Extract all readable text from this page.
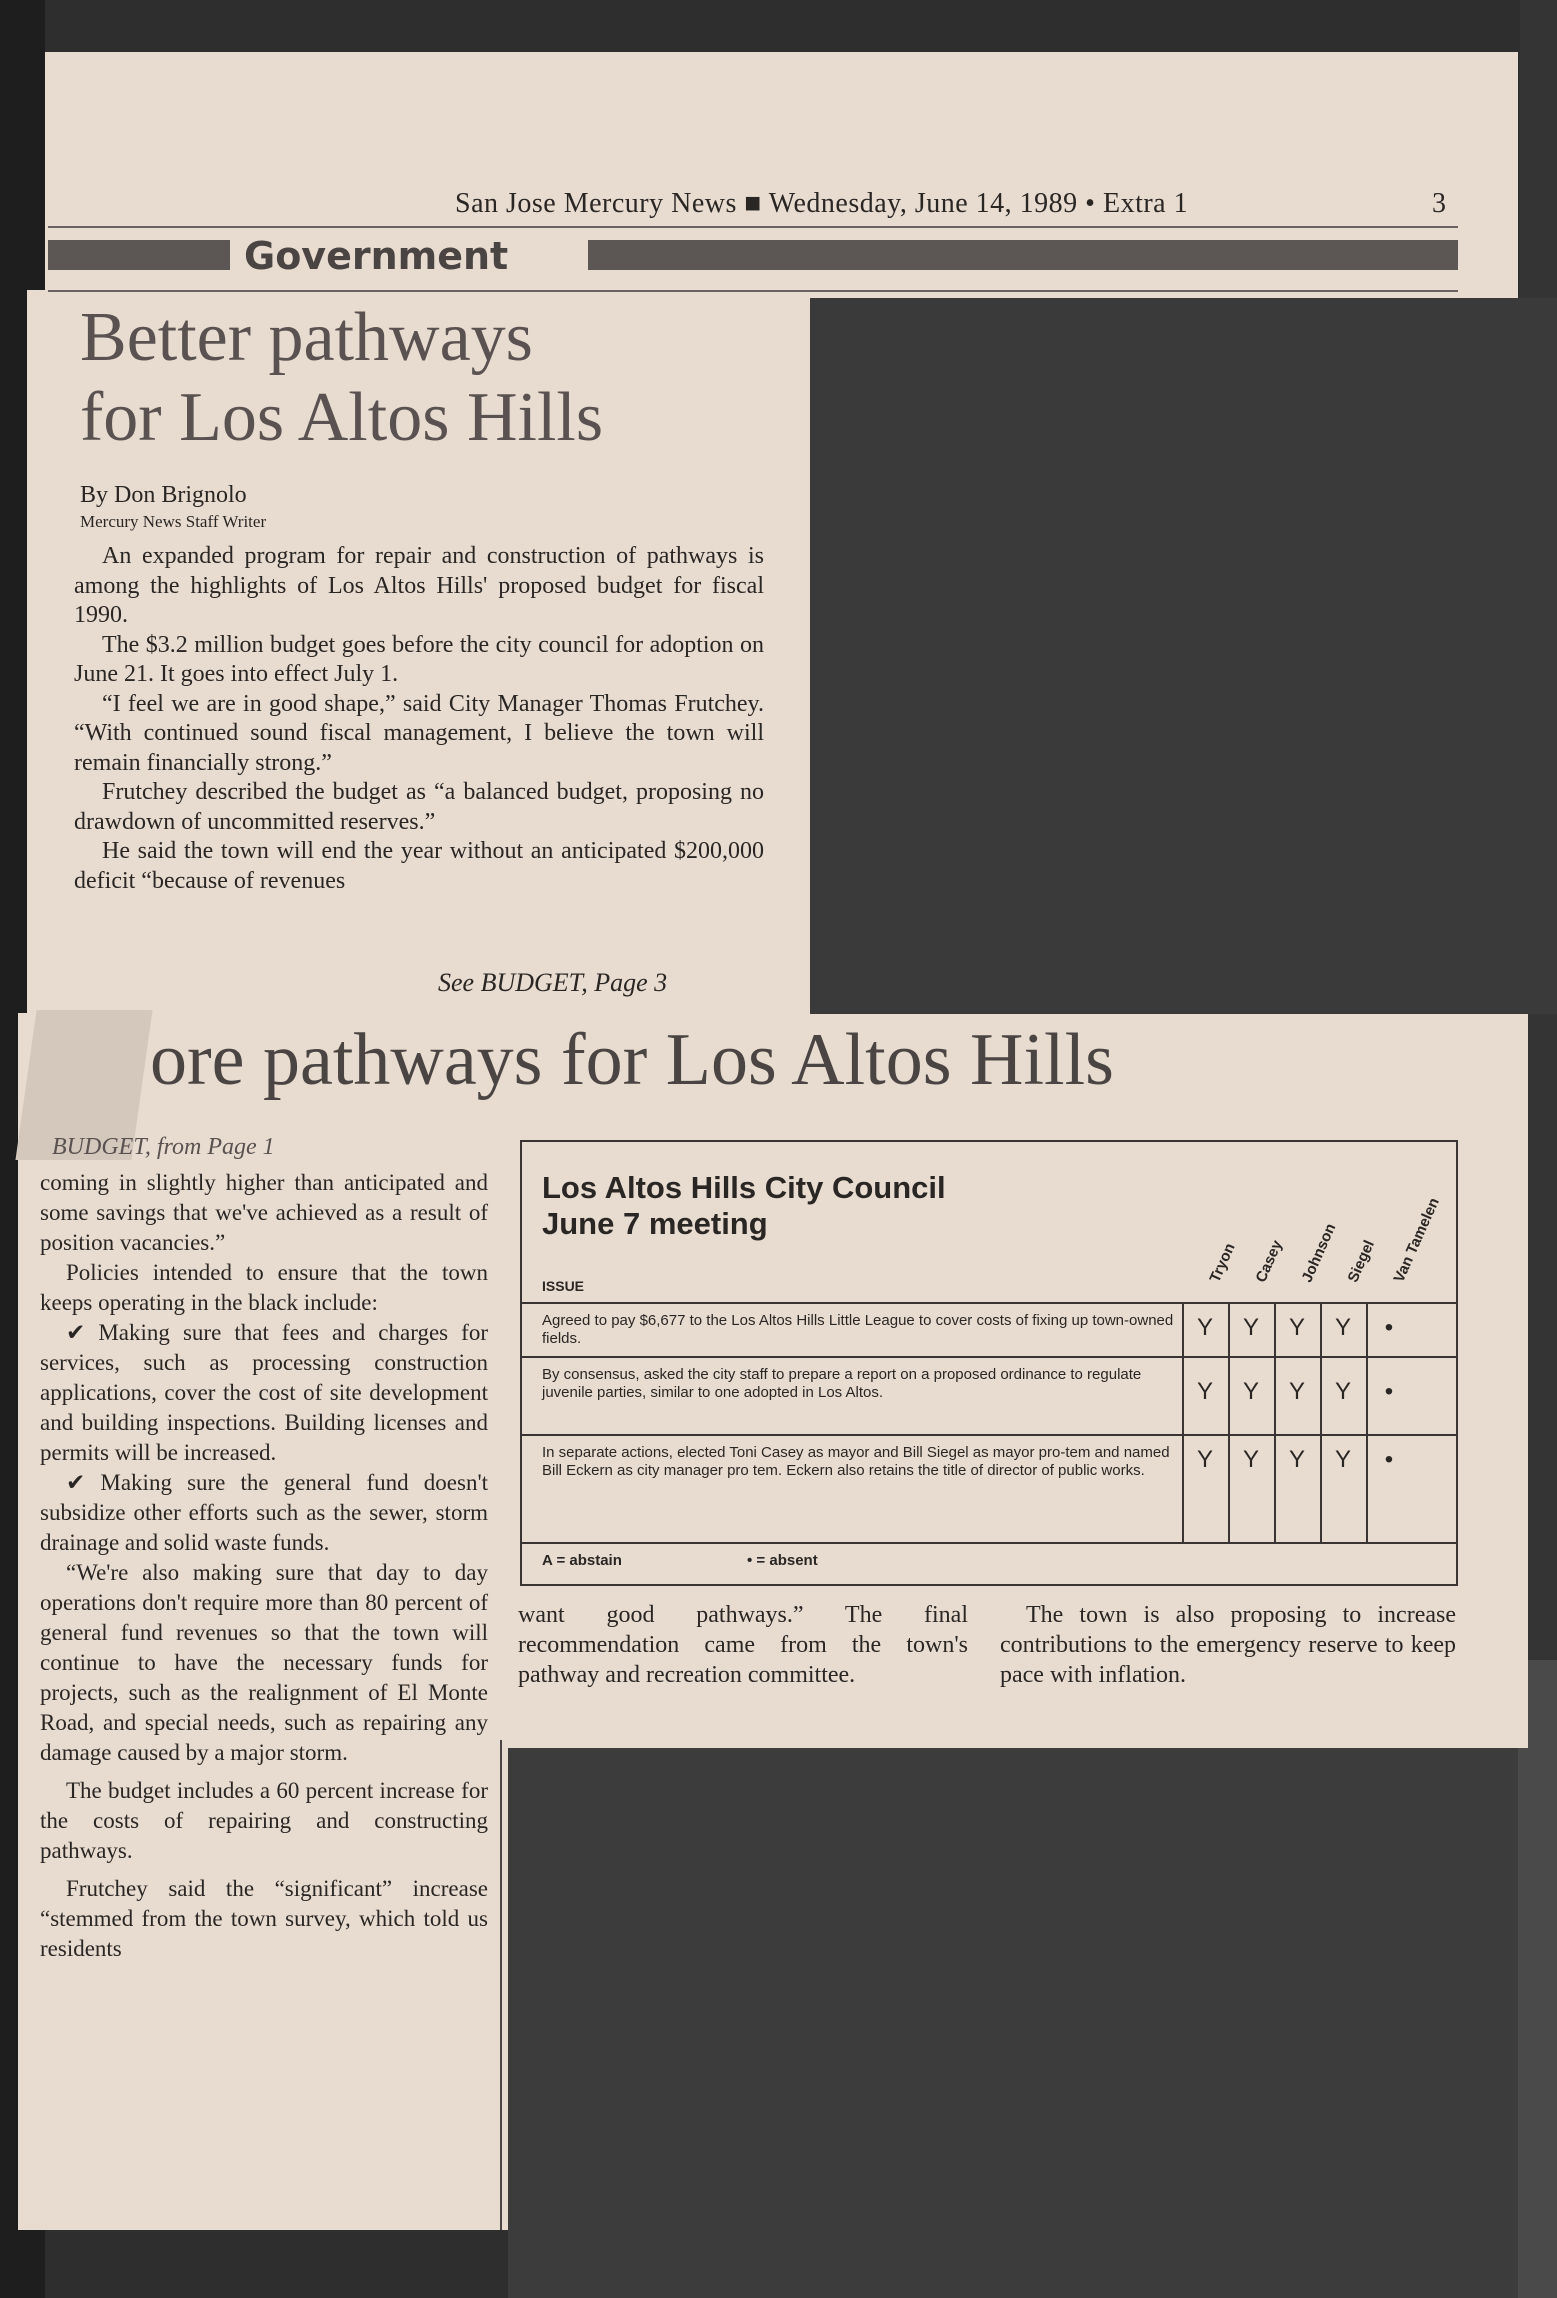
San Jose Mercury News ■ Wednesday, June 14, 1989 • Extra 1	3
Government
Better pathways
for Los Altos Hills
By Don Brignolo
Mercury News Staff Writer

An expanded program for repair and construction of pathways is among the highlights of Los Altos Hills' proposed budget for fiscal 1990.

The $3.2 million budget goes before the city council for adoption on June 21. It goes into effect July 1.

“I feel we are in good shape,” said City Manager Thomas Frutchey. “With continued sound fiscal management, I believe the town will remain financially strong.”

Frutchey described the budget as “a balanced budget, proposing no drawdown of uncommitted reserves.”

He said the town will end the year without an anticipated $200,000 deficit “because of revenues

See BUDGET, Page 3
ore pathways for Los Altos Hills
BUDGET, from Page 1

coming in slightly higher than anticipated and some savings that we've achieved as a result of position vacancies.”

Policies intended to ensure that the town keeps operating in the black include:

✔ Making sure that fees and charges for services, such as processing construction applications, cover the cost of site development and building inspections. Building licenses and permits will be increased.

✔ Making sure the general fund doesn't subsidize other efforts such as the sewer, storm drainage and solid waste funds.

“We're also making sure that day to day operations don't require more than 80 percent of general fund revenues so that the town will continue to have the necessary funds for projects, such as the realignment of El Monte Road, and special needs, such as repairing any damage caused by a major storm.

The budget includes a 60 percent increase for the costs of repairing and constructing pathways.

Frutchey said the “significant” increase “stemmed from the town survey, which told us residents

want good pathways.” The final recommendation came from the town's pathway and recreation committee.

The town is also proposing to increase contributions to the emergency reserve to keep pace with inflation.

Los Altos Hills City Council
June 7 meeting
ISSUE
Tryon Casey Johnson Siegel Van Tamelen
Agreed to pay $6,677 to the Los Altos Hills Little League to cover costs of fixing up town-owned fields.	Y	Y	Y	Y	•
By consensus, asked the city staff to prepare a report on a proposed ordinance to regulate juvenile parties, similar to one adopted in Los Altos.	Y	Y	Y	Y	•
In separate actions, elected Toni Casey as mayor and Bill Siegel as mayor pro-tem and named Bill Eckern as city manager pro tem. Eckern also retains the title of director of public works.	Y	Y	Y	Y	•
A = abstain	• = absent
